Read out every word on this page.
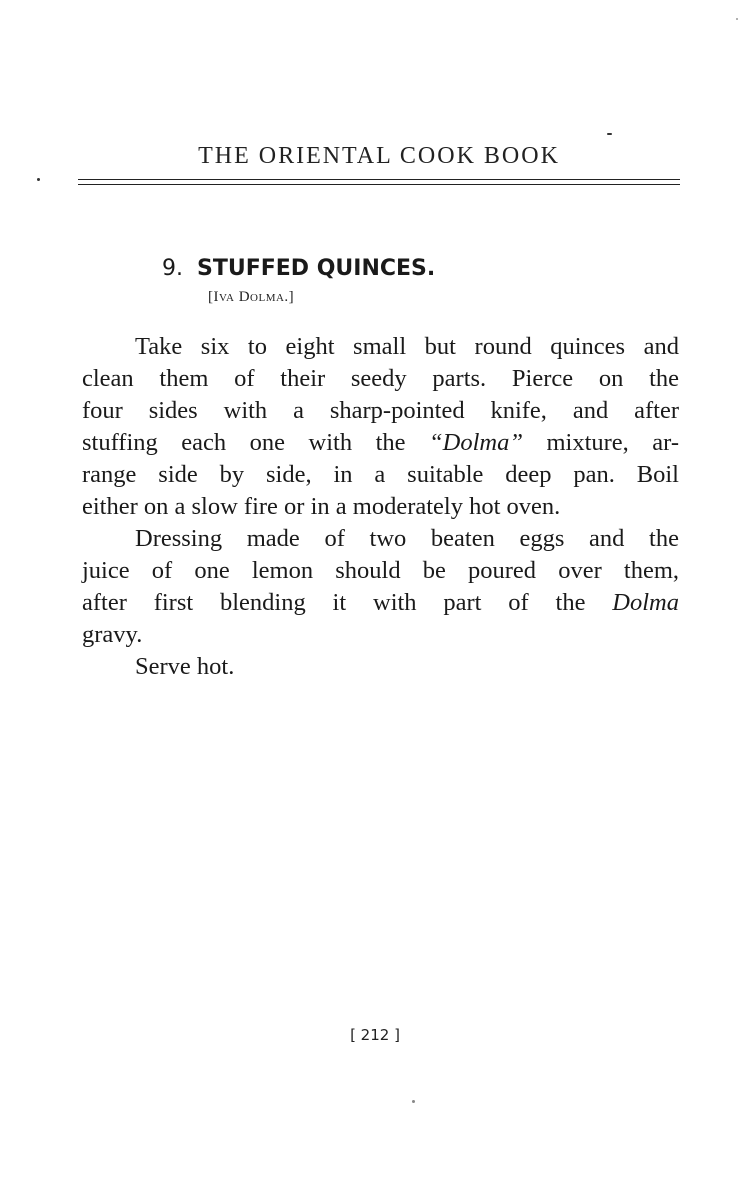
THE ORIENTAL COOK BOOK
9. STUFFED QUINCES.
[Iva Dolma.]
Take six to eight small but round quinces and
clean them of their seedy parts. Pierce on the
four sides with a sharp-pointed knife, and after
stuffing each one with the “Dolma” mixture, ar-
range side by side, in a suitable deep pan. Boil
either on a slow fire or in a moderately hot oven.
Dressing made of two beaten eggs and the
juice of one lemon should be poured over them,
after first blending it with part of the Dolma
gravy.
Serve hot.
[ 212 ]
